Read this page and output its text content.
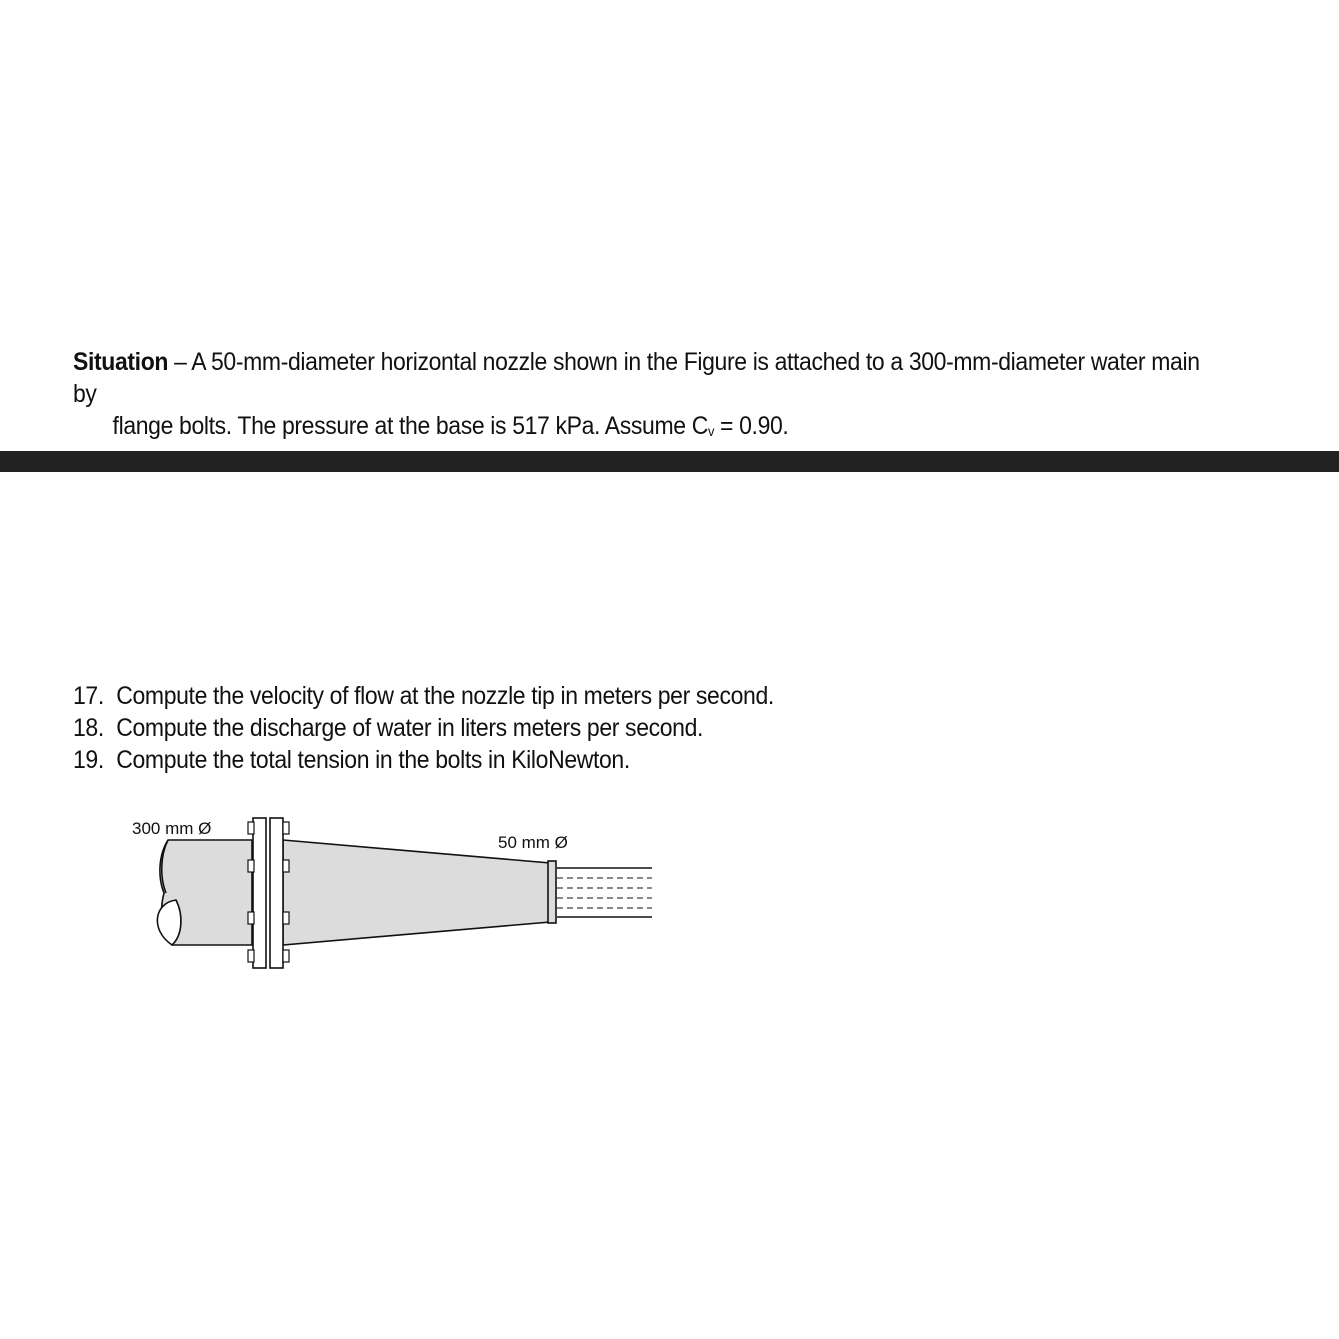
Situation – A 50-mm-diameter horizontal nozzle shown in the Figure is attached to a 300-mm-diameter water main by
flange bolts. The pressure at the base is 517 kPa. Assume Cv = 0.90.
17. Compute the velocity of flow at the nozzle tip in meters per second.
18. Compute the discharge of water in liters meters per second.
19. Compute the total tension in the bolts in KiloNewton.
300 mm Ø
50 mm Ø
